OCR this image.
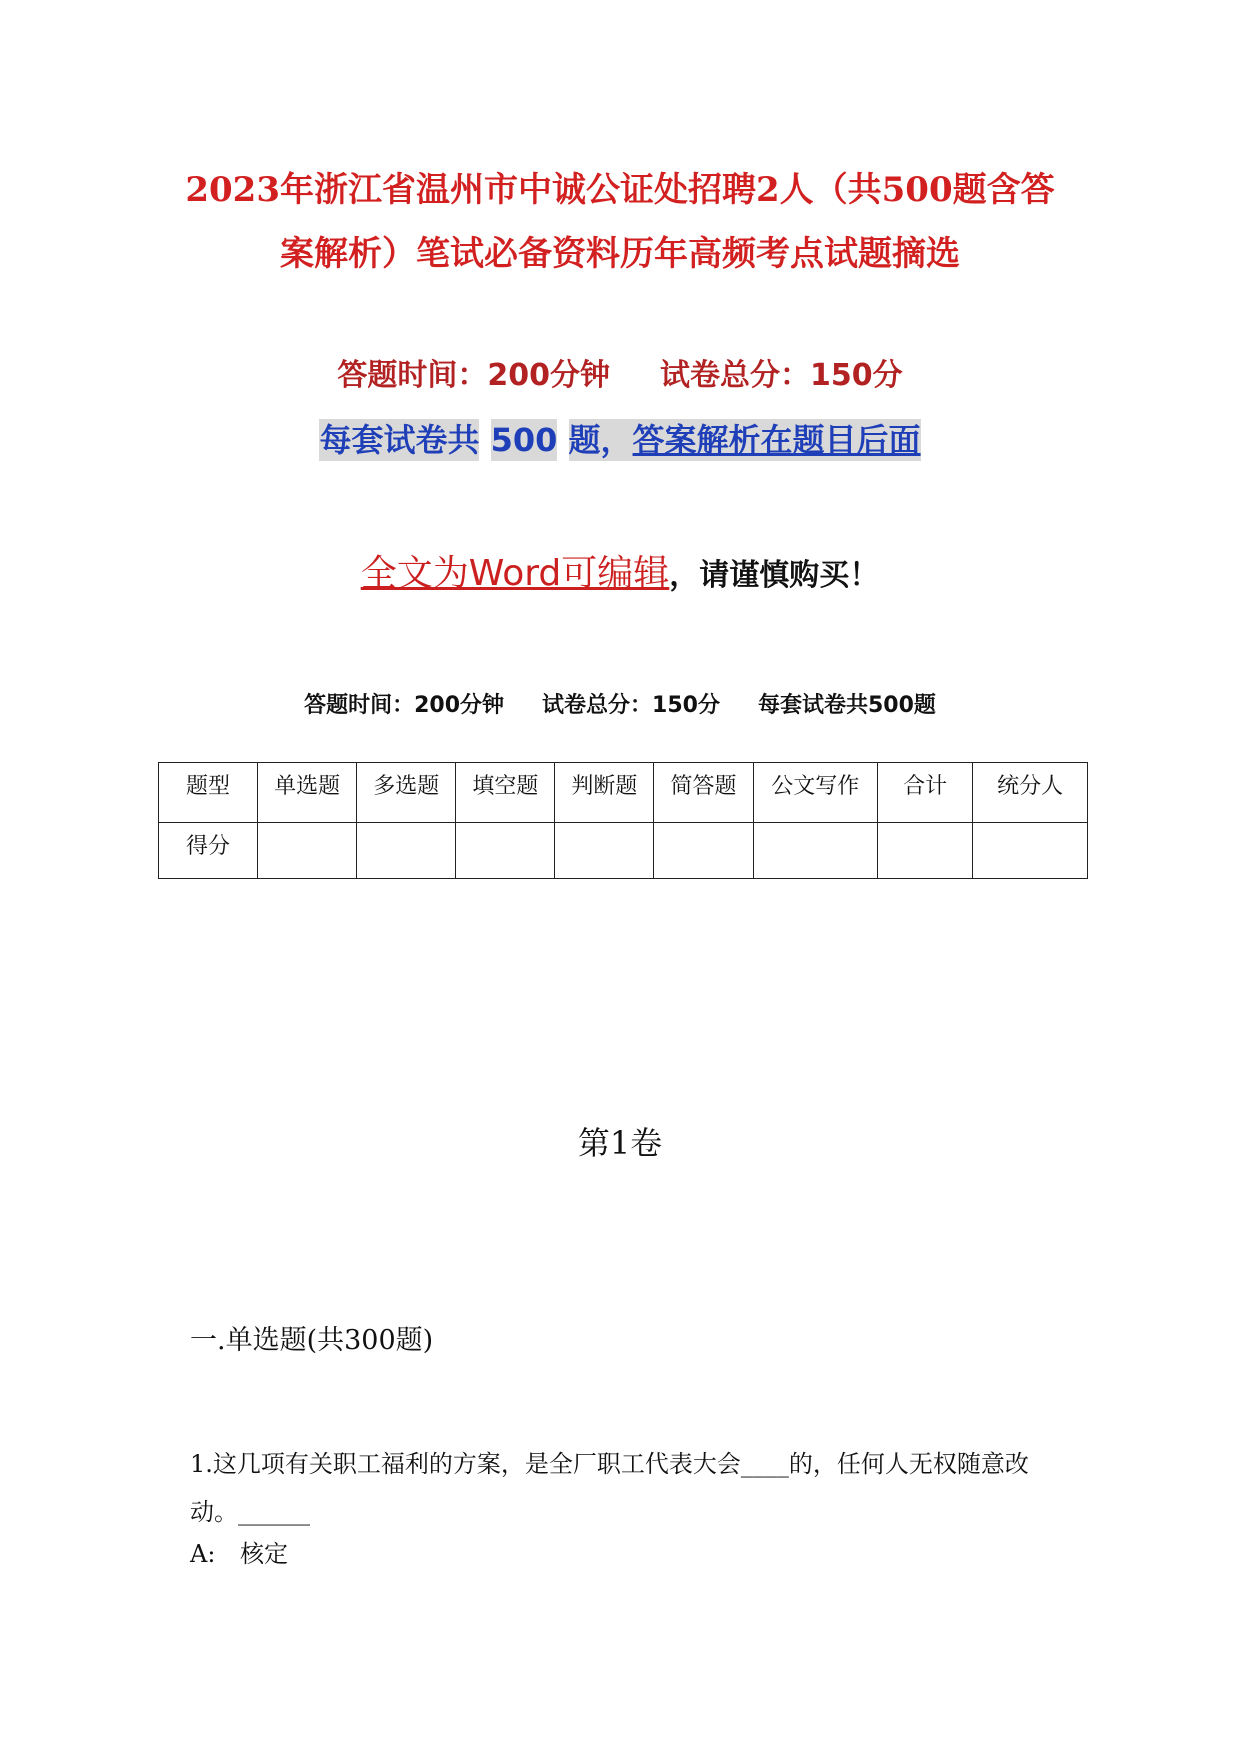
2023年浙江省温州市中诚公证处招聘2人（共500题含答
案解析）笔试必备资料历年高频考点试题摘选
答题时间：200分钟 试卷总分：150分
每套试卷共 500 题，答案解析在题目后面
全文为Word可编辑，请谨慎购买！
答题时间：200分钟 试卷总分：150分 每套试卷共500题
题型	单选题	多选题	填空题	判断题	简答题	公文写作	合计	统分人
得分								
第1卷
一.单选题(共300题)
1.这几项有关职工福利的方案，是全厂职工代表大会____的，任何人无权随意改动。______
A: 核定
